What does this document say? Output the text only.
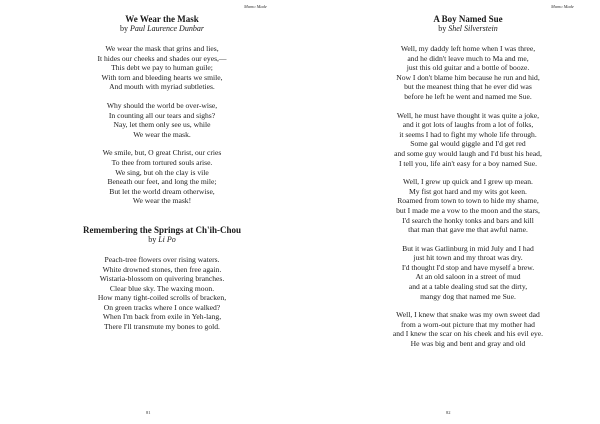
Mamo Made
We Wear the Mask
by Paul Laurence Dunbar
We wear the mask that grins and lies,
It hides our cheeks and shades our eyes,—
This debt we pay to human guile;
With torn and bleeding hearts we smile,
And mouth with myriad subtleties.
Why should the world be over-wise,
In counting all our tears and sighs?
Nay, let them only see us, while
We wear the mask.
We smile, but, O great Christ, our cries
To thee from tortured souls arise.
We sing, but oh the clay is vile
Beneath our feet, and long the mile;
But let the world dream otherwise,
We wear the mask!
Remembering the Springs at Ch'ih-Chou
by Li Po
Peach-tree flowers over rising waters.
White drowned stones, then free again.
Wistaria-blossom on quivering branches.
Clear blue sky. The waxing moon.
How many tight-coiled scrolls of bracken,
On green tracks where I once walked?
When I'm back from exile in Yeh-lang,
There I'll transmute my bones to gold.
81
Mamo Made
A Boy Named Sue
by Shel Silverstein
Well, my daddy left home when I was three,
and he didn't leave much to Ma and me,
just this old guitar and a bottle of booze.
Now I don't blame him because he run and hid,
but the meanest thing that he ever did was
before he left he went and named me Sue.
Well, he must have thought it was quite a joke,
and it got lots of laughs from a lot of folks,
it seems I had to fight my whole life through.
Some gal would giggle and I'd get red
and some guy would laugh and I'd bust his head,
I tell you, life ain't easy for a boy named Sue.
Well, I grew up quick and I grew up mean.
My fist got hard and my wits got keen.
Roamed from town to town to hide my shame,
but I made me a vow to the moon and the stars,
I'd search the honky tonks and bars and kill
that man that gave me that awful name.
But it was Gatlinburg in mid July and I had
just hit town and my throat was dry.
I'd thought I'd stop and have myself a brew.
At an old saloon in a street of mud
and at a table dealing stud sat the dirty,
mangy dog that named me Sue.
Well, I knew that snake was my own sweet dad
from a worn-out picture that my mother had
and I knew the scar on his cheek and his evil eye.
He was big and bent and gray and old
82
